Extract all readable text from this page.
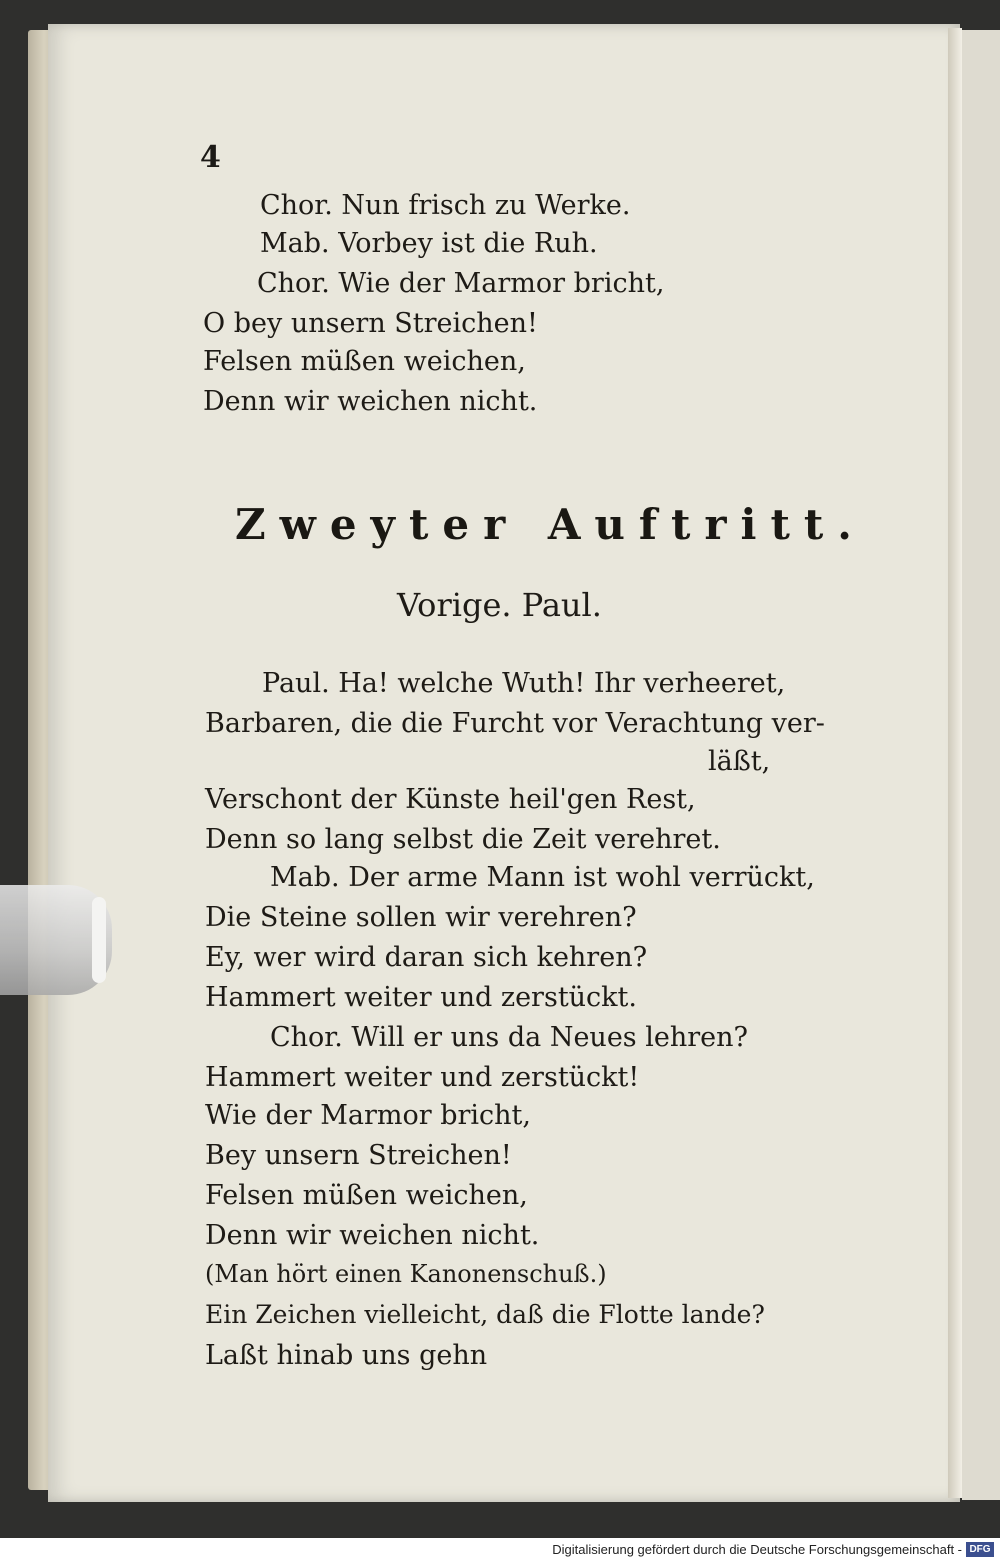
4
Chor. Nun frisch zu Werke.
Mab. Vorbey ist die Ruh.
Chor. Wie der Marmor bricht,
O bey unsern Streichen!
Felsen müßen weichen,
Denn wir weichen nicht.
Zweyter Auftritt.
Vorige. Paul.
Paul. Ha! welche Wuth! Ihr verheeret,
Barbaren, die die Furcht vor Verachtung ver-
läßt,
Verschont der Künste heil'gen Rest,
Denn so lang selbst die Zeit verehret.
Mab. Der arme Mann ist wohl verrückt,
Die Steine sollen wir verehren?
Ey, wer wird daran sich kehren?
Hammert weiter und zerstückt.
Chor. Will er uns da Neues lehren?
Hammert weiter und zerstückt!
Wie der Marmor bricht,
Bey unsern Streichen!
Felsen müßen weichen,
Denn wir weichen nicht.
(Man hört einen Kanonenschuß.)
Ein Zeichen vielleicht, daß die Flotte lande?
Laßt hinab uns gehn
Digitalisierung gefördert durch die Deutsche Forschungsgemeinschaft - DFG
